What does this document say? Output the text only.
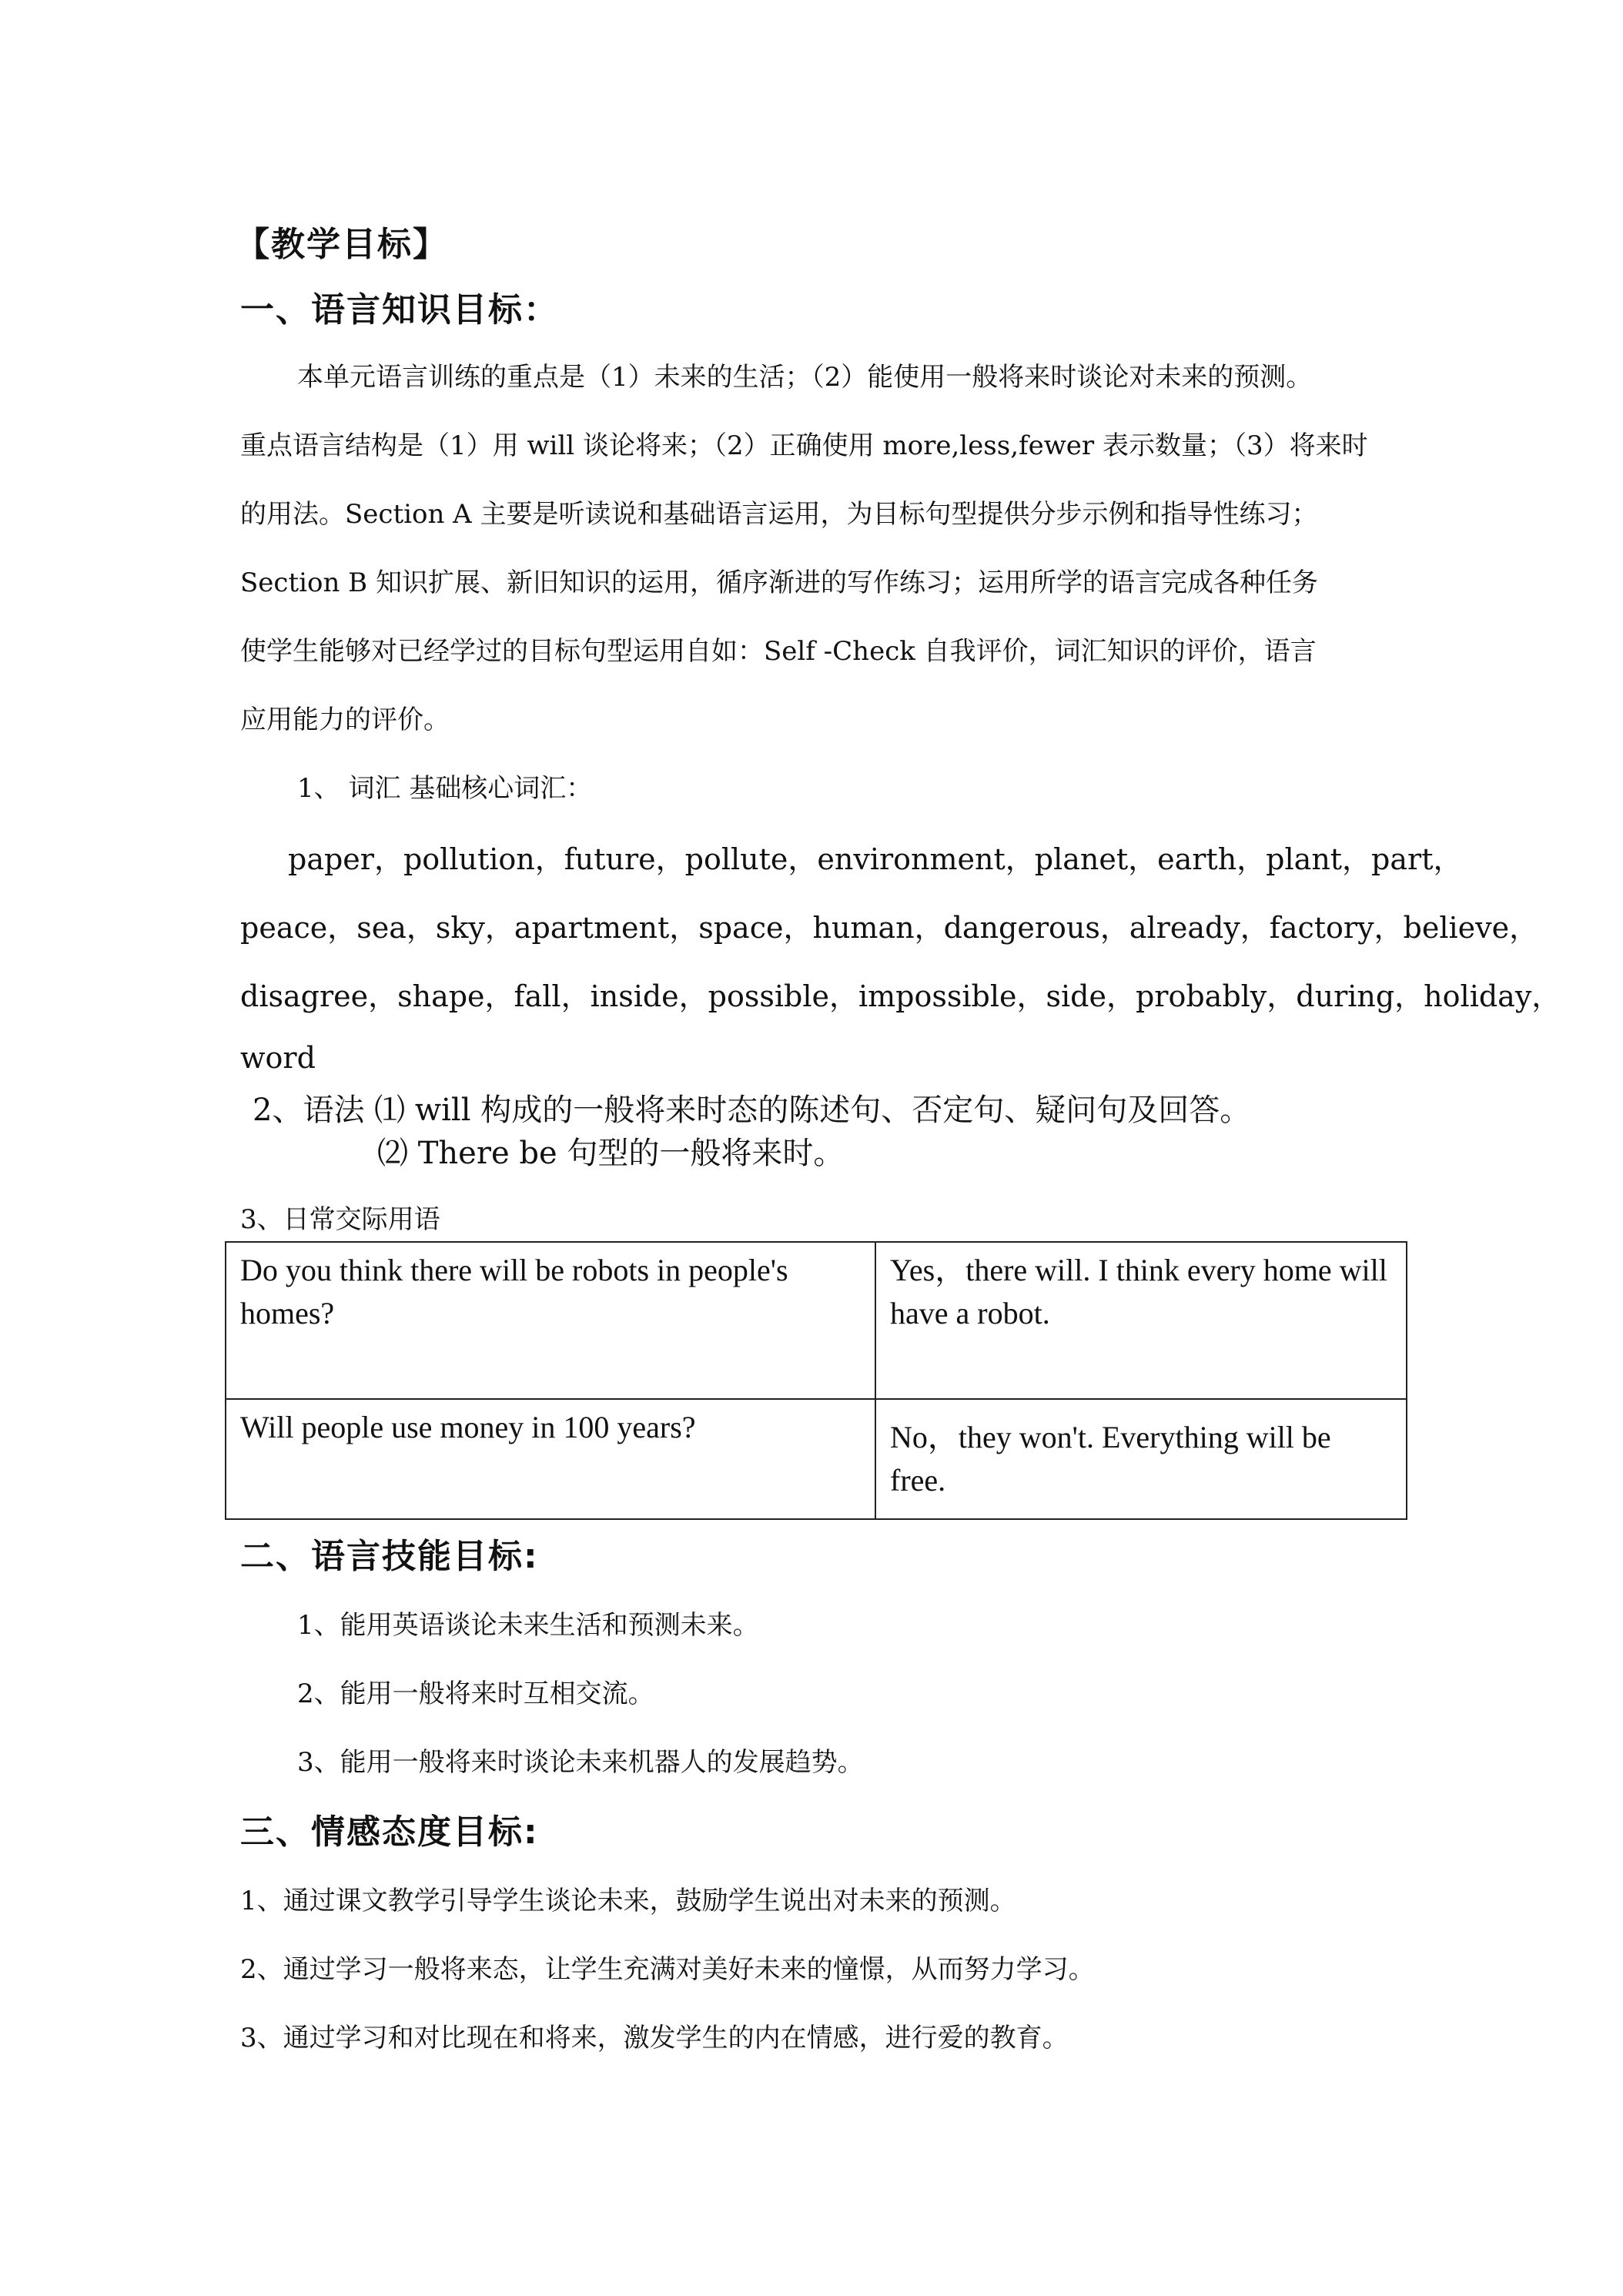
【教学目标】
一、语言知识目标：
本单元语言训练的重点是（1）未来的生活；（2）能使用一般将来时谈论对未来的预测。
重点语言结构是（1）用 will 谈论将来；（2）正确使用 more,less,fewer 表示数量；（3）将来时
的用法。Section A 主要是听读说和基础语言运用，为目标句型提供分步示例和指导性练习；
Section B 知识扩展、新旧知识的运用，循序渐进的写作练习；运用所学的语言完成各种任务
使学生能够对已经学过的目标句型运用自如：Self -Check 自我评价，词汇知识的评价，语言
应用能力的评价。
1、 词汇 基础核心词汇：
paper，pollution，future，pollute，environment，planet，earth，plant，part，
peace，sea，sky，apartment，space，human，dangerous，already，factory，believe，
disagree，shape，fall，inside，possible，impossible，side，probably，during，holiday，
word
2、语法 ⑴ will 构成的一般将来时态的陈述句、否定句、疑问句及回答。
⑵ There be 句型的一般将来时。
3、日常交际用语
Do you think there will be robots in people's homes?	Yes，there will. I think every home will have a robot.
Will people use money in 100 years?	No，they won't. Everything will be free.
二、语言技能目标:
1、能用英语谈论未来生活和预测未来。
2、能用一般将来时互相交流。
3、能用一般将来时谈论未来机器人的发展趋势。
三、情感态度目标:
1、通过课文教学引导学生谈论未来，鼓励学生说出对未来的预测。
2、通过学习一般将来态，让学生充满对美好未来的憧憬，从而努力学习。
3、通过学习和对比现在和将来，激发学生的内在情感，进行爱的教育。
